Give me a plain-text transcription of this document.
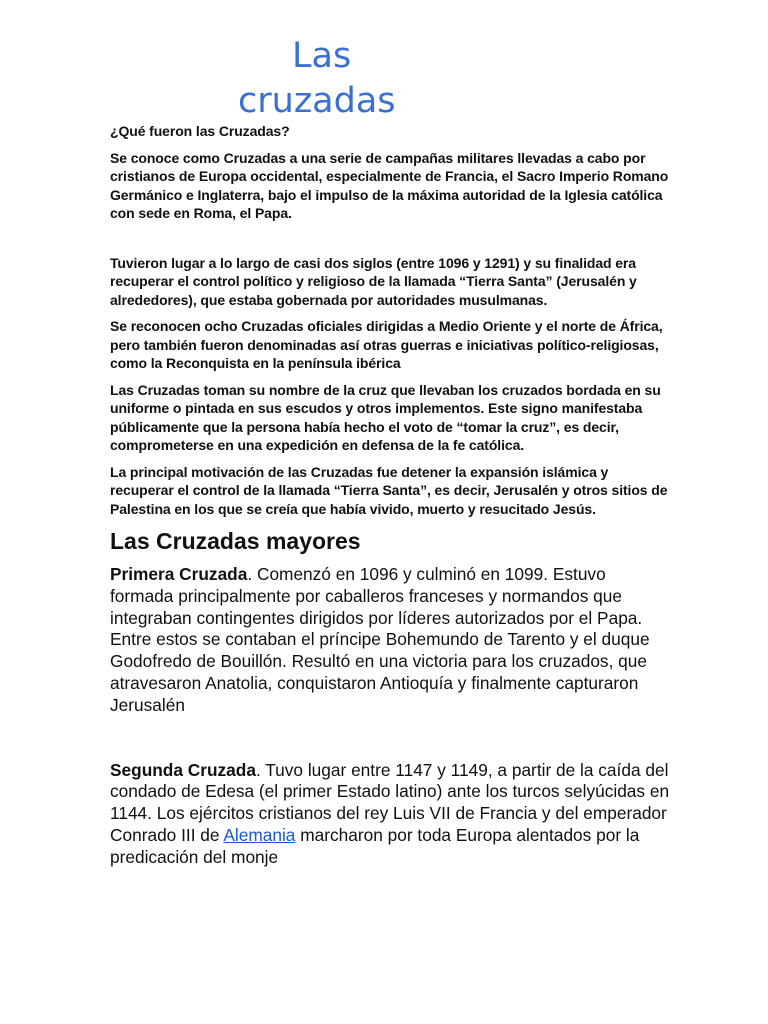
Las
cruzadas

¿Qué fueron las Cruzadas?

Se conoce como Cruzadas a una serie de campañas militares llevadas a cabo por cristianos de Europa occidental, especialmente de Francia, el Sacro Imperio Romano Germánico e Inglaterra, bajo el impulso de la máxima autoridad de la Iglesia católica con sede en Roma, el Papa.

Tuvieron lugar a lo largo de casi dos siglos (entre 1096 y 1291) y su finalidad era recuperar el control político y religioso de la llamada “Tierra Santa” (Jerusalén y alrededores), que estaba gobernada por autoridades musulmanas.

Se reconocen ocho Cruzadas oficiales dirigidas a Medio Oriente y el norte de África, pero también fueron denominadas así otras guerras e iniciativas político-religiosas, como la Reconquista en la península ibérica

Las Cruzadas toman su nombre de la cruz que llevaban los cruzados bordada en su uniforme o pintada en sus escudos y otros implementos. Este signo manifestaba públicamente que la persona había hecho el voto de “tomar la cruz”, es decir, comprometerse en una expedición en defensa de la fe católica.

La principal motivación de las Cruzadas fue detener la expansión islámica y recuperar el control de la llamada “Tierra Santa”, es decir, Jerusalén y otros sitios de Palestina en los que se creía que había vivido, muerto y resucitado Jesús.

Las Cruzadas mayores

Primera Cruzada. Comenzó en 1096 y culminó en 1099. Estuvo formada principalmente por caballeros franceses y normandos que integraban contingentes dirigidos por líderes autorizados por el Papa. Entre estos se contaban el príncipe Bohemundo de Tarento y el duque Godofredo de Bouillón. Resultó en una victoria para los cruzados, que atravesaron Anatolia, conquistaron Antioquía y finalmente capturaron Jerusalén

Segunda Cruzada. Tuvo lugar entre 1147 y 1149, a partir de la caída del condado de Edesa (el primer Estado latino) ante los turcos selyúcidas en 1144. Los ejércitos cristianos del rey Luis VII de Francia y del emperador Conrado III de Alemania marcharon por toda Europa alentados por la predicación del monje
